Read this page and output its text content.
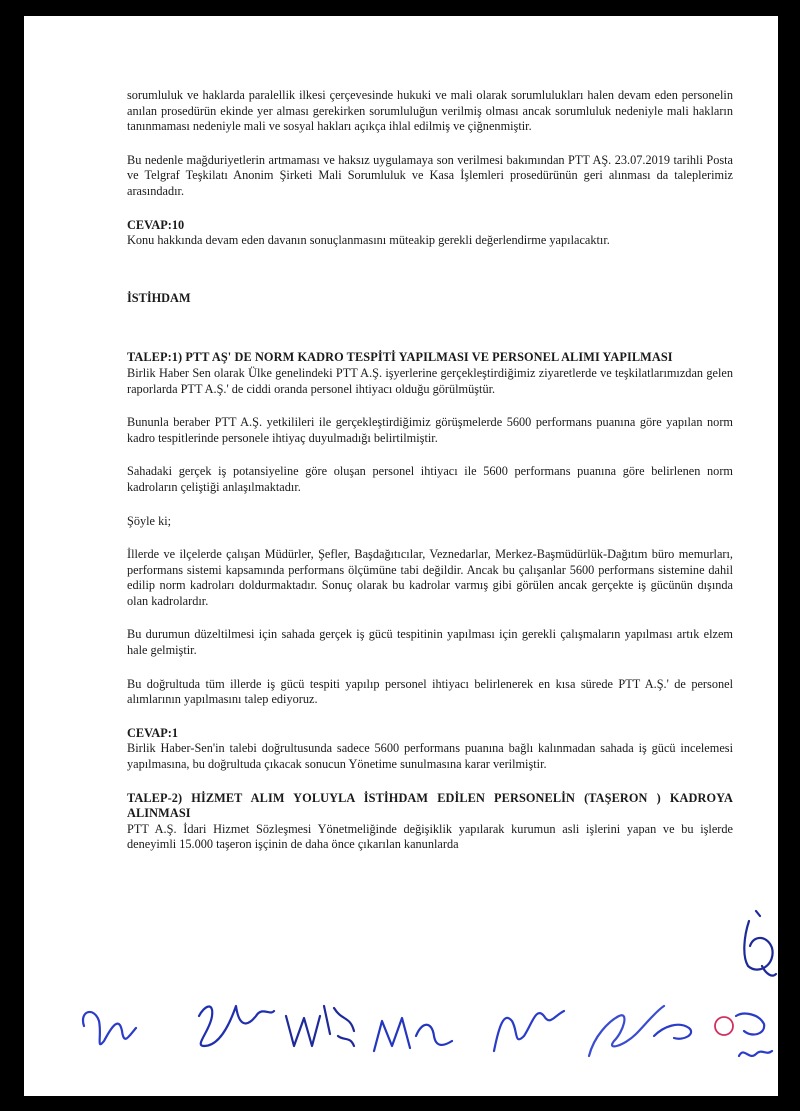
sorumluluk ve haklarda paralellik ilkesi çerçevesinde hukuki ve mali olarak sorumlulukları halen devam eden personelin anılan prosedürün ekinde yer alması gerekirken sorumluluğun verilmiş olması ancak sorumluluk nedeniyle mali hakların tanınmaması nedeniyle mali ve sosyal hakları açıkça ihlal edilmiş ve çiğnenmiştir.

Bu nedenle mağduriyetlerin artmaması ve haksız uygulamaya son verilmesi bakımından PTT AŞ. 23.07.2019 tarihli Posta ve Telgraf Teşkilatı Anonim Şirketi Mali Sorumluluk ve Kasa İşlemleri prosedürünün geri alınması da taleplerimiz arasındadır.

CEVAP:10

Konu hakkında devam eden davanın sonuçlanmasını müteakip gerekli değerlendirme yapılacaktır.

İSTİHDAM

TALEP:1) PTT AŞ' DE NORM KADRO TESPİTİ YAPILMASI VE PERSONEL ALIMI YAPILMASI

Birlik Haber Sen olarak Ülke genelindeki PTT A.Ş. işyerlerine gerçekleştirdiğimiz ziyaretlerde ve teşkilatlarımızdan gelen raporlarda PTT A.Ş.' de ciddi oranda personel ihtiyacı olduğu görülmüştür.

Bununla beraber PTT A.Ş. yetkilileri ile gerçekleştirdiğimiz görüşmelerde 5600 performans puanına göre yapılan norm kadro tespitlerinde personele ihtiyaç duyulmadığı belirtilmiştir.

Sahadaki gerçek iş potansiyeline göre oluşan personel ihtiyacı ile 5600 performans puanına göre belirlenen norm kadroların çeliştiği anlaşılmaktadır.

Şöyle ki;

İllerde ve ilçelerde çalışan Müdürler, Şefler, Başdağıtıcılar, Veznedarlar, Merkez-Başmüdürlük-Dağıtım büro memurları, performans sistemi kapsamında performans ölçümüne tabi değildir. Ancak bu çalışanlar 5600 performans sistemine dahil edilip norm kadroları doldurmaktadır. Sonuç olarak bu kadrolar varmış gibi görülen ancak gerçekte iş gücünün dışında olan kadrolardır.

Bu durumun düzeltilmesi için sahada gerçek iş gücü tespitinin yapılması için gerekli çalışmaların yapılması artık elzem hale gelmiştir.

Bu doğrultuda tüm illerde iş gücü tespiti yapılıp personel ihtiyacı belirlenerek en kısa sürede PTT A.Ş.' de personel alımlarının yapılmasını talep ediyoruz.

CEVAP:1

Birlik Haber-Sen'in talebi doğrultusunda sadece 5600 performans puanına bağlı kalınmadan sahada iş gücü incelemesi yapılmasına, bu doğrultuda çıkacak sonucun Yönetime sunulmasına karar verilmiştir.

TALEP-2) HİZMET ALIM YOLUYLA İSTİHDAM EDİLEN PERSONELİN (TAŞERON ) KADROYA ALINMASI

PTT A.Ş. İdari Hizmet Sözleşmesi Yönetmeliğinde değişiklik yapılarak kurumun asli işlerini yapan ve bu işlerde deneyimli 15.000 taşeron işçinin de daha önce çıkarılan kanunlarda
